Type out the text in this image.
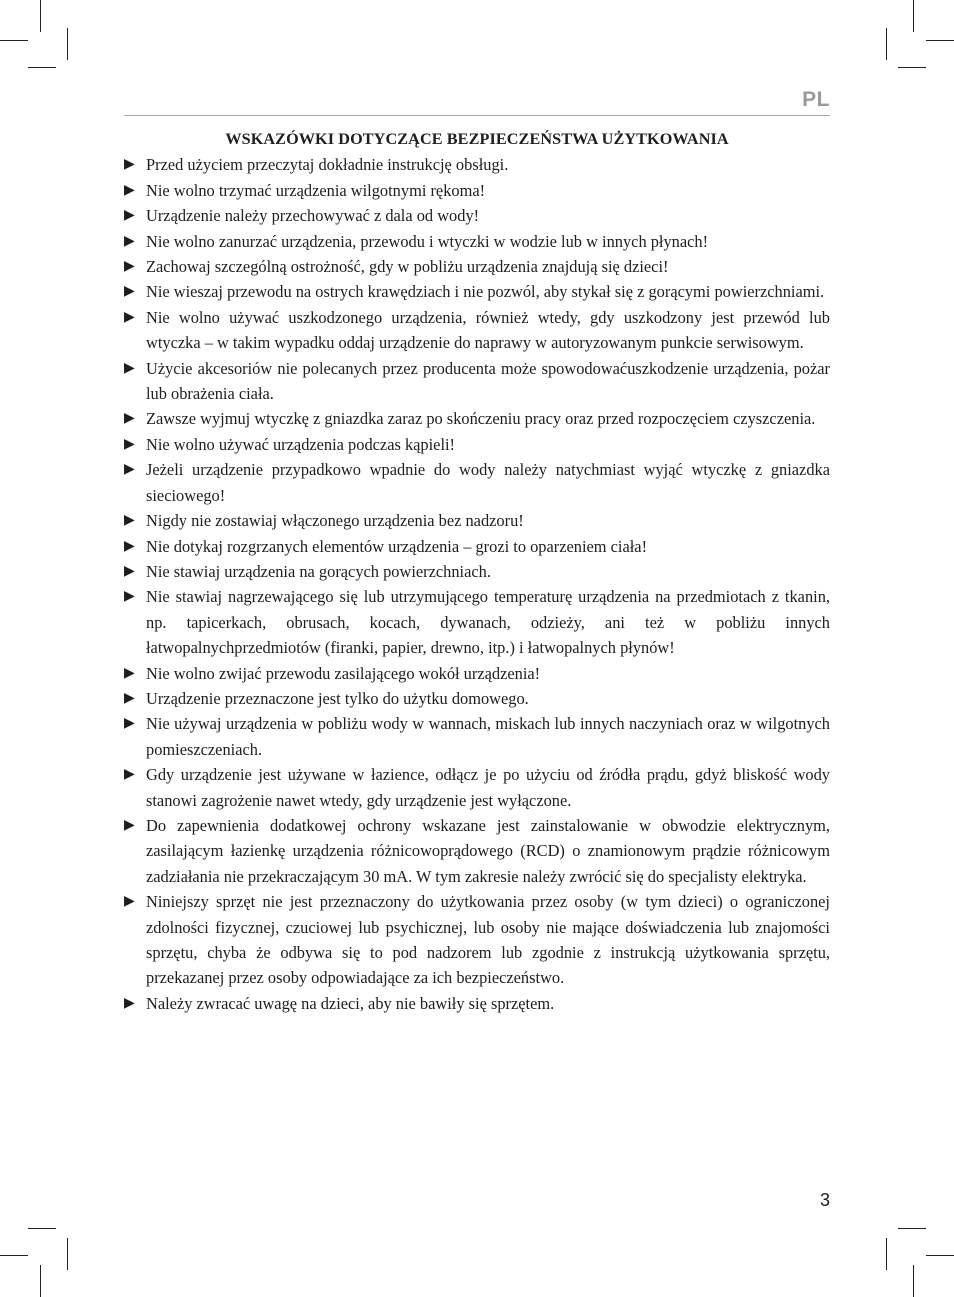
PL
WSKAZÓWKI DOTYCZĄCE BEZPIECZEŃSTWA UŻYTKOWANIA
▶ Przed użyciem przeczytaj dokładnie instrukcję obsługi.
▶ Nie wolno trzymać urządzenia wilgotnymi rękoma!
▶ Urządzenie należy przechowywać z dala od wody!
▶ Nie wolno zanurzać urządzenia, przewodu i wtyczki w wodzie lub w innych płynach!
▶ Zachowaj szczególną ostrożność, gdy w pobliżu urządzenia znajdują się dzieci!
▶ Nie wieszaj przewodu na ostrych krawędziach i nie pozwól, aby stykał się z gorącymi powierzchniami.
▶ Nie wolno używać uszkodzonego urządzenia, również wtedy, gdy uszkodzony jest przewód lub wtyczka – w takim wypadku oddaj urządzenie do naprawy w autoryzowanym punkcie serwisowym.
▶ Użycie akcesoriów nie polecanych przez producenta może spowodowaćuszkodzenie urządzenia, pożar lub obrażenia ciała.
▶ Zawsze wyjmuj wtyczkę z gniazdka zaraz po skończeniu pracy oraz przed rozpoczęciem czyszczenia.
▶ Nie wolno używać urządzenia podczas kąpieli!
▶ Jeżeli urządzenie przypadkowo wpadnie do wody należy natychmiast wyjąć wtyczkę z gniazdka sieciowego!
▶ Nigdy nie zostawiaj włączonego urządzenia bez nadzoru!
▶ Nie dotykaj rozgrzanych elementów urządzenia – grozi to oparzeniem ciała!
▶ Nie stawiaj urządzenia na gorących powierzchniach.
▶ Nie stawiaj nagrzewającego się lub utrzymującego temperaturę urządzenia na przedmiotach z tkanin, np. tapicerkach, obrusach, kocach, dywanach, odzieży, ani też w pobliżu innych łatwopalnychprzedmiotów (firanki, papier, drewno, itp.) i łatwopalnych płynów!
▶ Nie wolno zwijać przewodu zasilającego wokół urządzenia!
▶ Urządzenie przeznaczone jest tylko do użytku domowego.
▶ Nie używaj urządzenia w pobliżu wody w wannach, miskach lub innych naczyniach oraz w wilgotnych pomieszczeniach.
▶ Gdy urządzenie jest używane w łazience, odłącz je po użyciu od źródła prądu, gdyż bliskość wody stanowi zagrożenie nawet wtedy, gdy urządzenie jest wyłączone.
▶ Do zapewnienia dodatkowej ochrony wskazane jest zainstalowanie w obwodzie elektrycznym, zasilającym łazienkę urządzenia różnicowoprądowego (RCD) o znamionowym prądzie różnicowym zadziałania nie przekraczającym 30 mA. W tym zakresie należy zwrócić się do specjalisty elektryka.
▶ Niniejszy sprzęt nie jest przeznaczony do użytkowania przez osoby (w tym dzieci) o ograniczonej zdolności fizycznej, czuciowej lub psychicznej, lub osoby nie mające doświadczenia lub znajomości sprzętu, chyba że odbywa się to pod nadzorem lub zgodnie z instrukcją użytkowania sprzętu, przekazanej przez osoby odpowiadające za ich bezpieczeństwo.
▶ Należy zwracać uwagę na dzieci, aby nie bawiły się sprzętem.
3
